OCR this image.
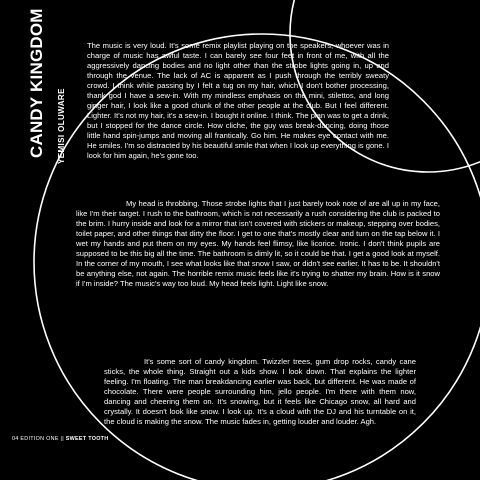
CANDY KINGDOM YEMISI OLUWARE

The music is very loud. It's some remix playlist playing on the speakers; whoever was in charge of music has awful taste. I can barely see four feet in front of me, with all the aggressively dancing bodies and no light other than the strobe lights going in, up and through the venue. The lack of AC is apparent as I push through the terribly sweaty crowd. I think while passing by I felt a tug on my hair, which I don't bother processing, thank god I have a sew-in. With my mindless emphasis on the mini, stilettos, and long ginger hair, I look like a good chunk of the other people at the club. But I feel different. Lighter. It's not my hair, it's a sew-in. I bought it online. I think. The plan was to get a drink, but I stopped for the dance circle. How cliche, the guy was break-dancing, doing those little hand spin-jumps and moving all frantically. Go him. He makes eye contact with me. He smiles. I'm so distracted by his beautiful smile that when I look up everything is gone. I look for him again, he's gone too.

My head is throbbing. Those strobe lights that I just barely took note of are all up in my face, like I'm their target. I rush to the bathroom, which is not necessarily a rush considering the club is packed to the brim. I hurry inside and look for a mirror that isn't covered with stickers or makeup, stepping over bodies, toilet paper, and other things that dirty the floor. I get to one that's mostly clear and turn on the tap below it. I wet my hands and put them on my eyes. My hands feel flimsy, like licorice. Ironic. I don't think pupils are supposed to be this big all the time. The bathroom is dimly lit, so it could be that. I get a good look at myself. In the corner of my mouth, I see what looks like that snow I saw, or didn't see earlier. It has to be. It shouldn't be anything else, not again. The horrible remix music feels like it's trying to shatter my brain. How is it snow if I'm inside? The music's way too loud. My head feels light. Light like snow.

It's some sort of candy kingdom. Twizzler trees, gum drop rocks, candy cane sticks, the whole thing. Straight out a kids show. I look down. That explains the lighter feeling. I'm floating. The man breakdancing earlier was back, but different. He was made of chocolate. There were people surrounding him, jello people. I'm there with them now, dancing and cheering them on. It's snowing, but it feels like Chicago snow, all hard and crystally. It doesn't look like snow. I look up. It's a cloud with the DJ and his turntable on it, the cloud is making the snow. The music fades in, getting louder and louder. Agh.

04 EDITION ONE || SWEET TOOTH
